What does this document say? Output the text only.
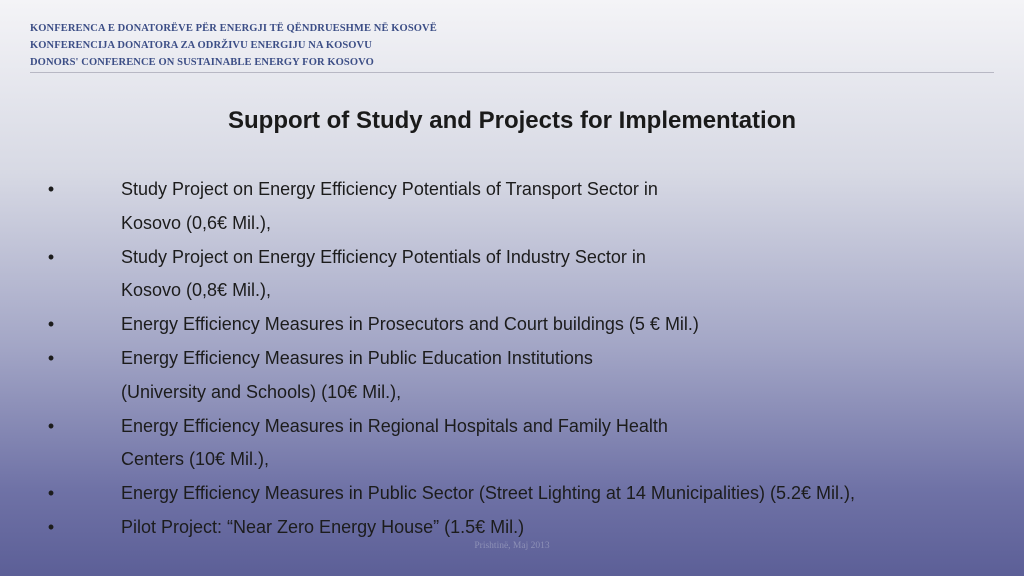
KONFERENCA E DONATORËVE PËR ENERGJI TË QËNDRUESHME NË KOSOVË
KONFERENCIJA DONATORA ZA ODRŽIVU ENERGIJU NA KOSOVU
DONORS' CONFERENCE ON SUSTAINABLE ENERGY FOR KOSOVO
Support of Study and Projects for Implementation
•	Study Project on Energy Efficiency Potentials of Transport Sector in
Kosovo (0,6€ Mil.),
•	Study Project on Energy Efficiency Potentials of Industry Sector in
Kosovo (0,8€ Mil.),
•	Energy Efficiency Measures in Prosecutors and Court buildings (5 € Mil.)
•	Energy Efficiency Measures in Public Education Institutions
(University and Schools) (10€ Mil.),
•	Energy Efficiency Measures in Regional Hospitals and Family Health
Centers (10€ Mil.),
•	Energy Efficiency Measures in Public Sector (Street Lighting at 14 Municipalities) (5.2€ Mil.),
•	Pilot Project: “Near Zero Energy House” (1.5€ Mil.)
Prishtinë, Maj 2013
